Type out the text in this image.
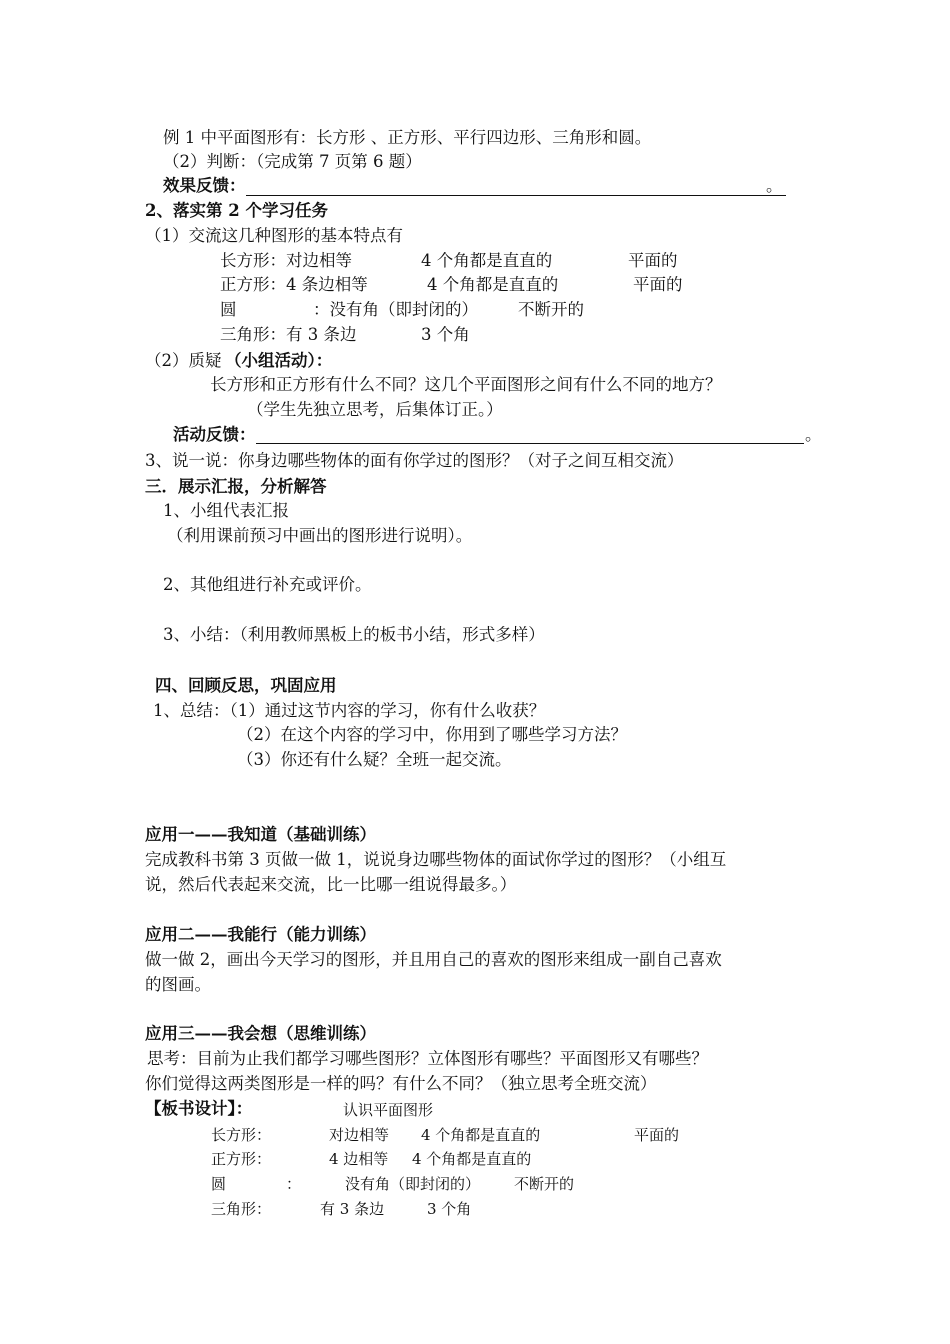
例 1 中平面图形有：长方形 、正方形、平行四边形、三角形和圆。
（2）判断：（完成第 7 页第 6 题）
效果反馈：	。
2、落实第 2 个学习任务
（1）交流这几种图形的基本特点有
长方形：对边相等	4 个角都是直直的	平面的
正方形：4 条边相等	4 个角都是直直的	平面的
圆	：没有角（即封闭的） 不断开的
三角形：有 3 条边	3 个角
（2）质疑 （小组活动）：
长方形和正方形有什么不同？这几个平面图形之间有什么不同的地方？
（学生先独立思考，后集体订正。）
活动反馈：	。
3、说一说：你身边哪些物体的面有你学过的图形？（对子之间互相交流）
三．展示汇报，分析解答
1、小组代表汇报
（利用课前预习中画出的图形进行说明）。
2、其他组进行补充或评价。
3、小结：（利用教师黑板上的板书小结，形式多样）
四、回顾反思，巩固应用
1、总结：（1）通过这节内容的学习，你有什么收获？
（2）在这个内容的学习中，你用到了哪些学习方法？
（3）你还有什么疑？全班一起交流。
应用一——我知道（基础训练）
完成教科书第 3 页做一做 1，说说身边哪些物体的面试你学过的图形？（小组互
说，然后代表起来交流，比一比哪一组说得最多。）
应用二——我能行（能力训练）
做一做 2，画出今天学习的图形，并且用自己的喜欢的图形来组成一副自己喜欢
的图画。
应用三——我会想（思维训练）
思考：目前为止我们都学习哪些图形？立体图形有哪些？平面图形又有哪些？
你们觉得这两类图形是一样的吗？有什么不同？（独立思考全班交流）
【板书设计】：	认识平面图形
长方形：	对边相等 4 个角都是直直的	平面的
正方形：	4 边相等 4 个角都是直直的
圆	：	没有角（即封闭的） 不断开的
三角形：	有 3 条边	3 个角
